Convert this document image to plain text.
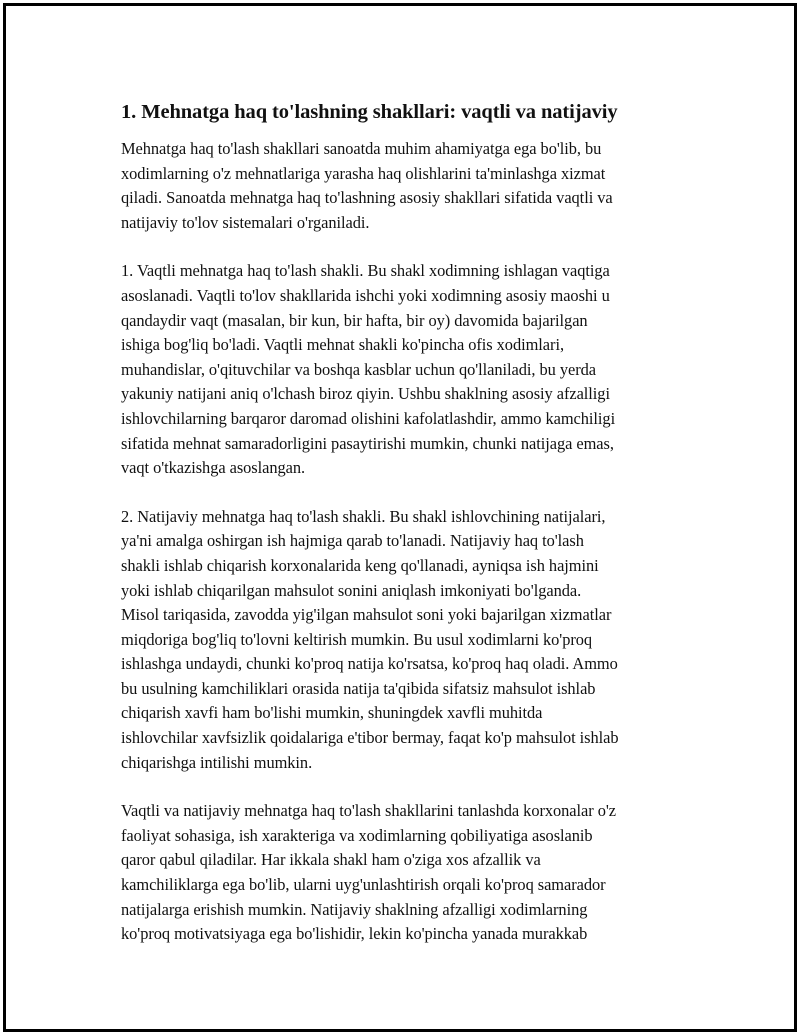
1. Mehnatga haq to'lashning shakllari: vaqtli va natijaviy

Mehnatga haq to'lash shakllari sanoatda muhim ahamiyatga ega bo'lib, bu
xodimlarning o'z mehnatlariga yarasha haq olishlarini ta'minlashga xizmat
qiladi. Sanoatda mehnatga haq to'lashning asosiy shakllari sifatida vaqtli va
natijaviy to'lov sistemalari o'rganiladi.

1. Vaqtli mehnatga haq to'lash shakli. Bu shakl xodimning ishlagan vaqtiga
asoslanadi. Vaqtli to'lov shakllarida ishchi yoki xodimning asosiy maoshi u
qandaydir vaqt (masalan, bir kun, bir hafta, bir oy) davomida bajarilgan
ishiga bog'liq bo'ladi. Vaqtli mehnat shakli ko'pincha ofis xodimlari,
muhandislar, o'qituvchilar va boshqa kasblar uchun qo'llaniladi, bu yerda
yakuniy natijani aniq o'lchash biroz qiyin. Ushbu shaklning asosiy afzalligi
ishlovchilarning barqaror daromad olishini kafolatlashdir, ammo kamchiligi
sifatida mehnat samaradorligini pasaytirishi mumkin, chunki natijaga emas,
vaqt o'tkazishga asoslangan.

2. Natijaviy mehnatga haq to'lash shakli. Bu shakl ishlovchining natijalari,
ya'ni amalga oshirgan ish hajmiga qarab to'lanadi. Natijaviy haq to'lash
shakli ishlab chiqarish korxonalarida keng qo'llanadi, ayniqsa ish hajmini
yoki ishlab chiqarilgan mahsulot sonini aniqlash imkoniyati bo'lganda.
Misol tariqasida, zavodda yig'ilgan mahsulot soni yoki bajarilgan xizmatlar
miqdoriga bog'liq to'lovni keltirish mumkin. Bu usul xodimlarni ko'proq
ishlashga undaydi, chunki ko'proq natija ko'rsatsa, ko'proq haq oladi. Ammo
bu usulning kamchiliklari orasida natija ta'qibida sifatsiz mahsulot ishlab
chiqarish xavfi ham bo'lishi mumkin, shuningdek xavfli muhitda
ishlovchilar xavfsizlik qoidalariga e'tibor bermay, faqat ko'p mahsulot ishlab
chiqarishga intilishi mumkin.

Vaqtli va natijaviy mehnatga haq to'lash shakllarini tanlashda korxonalar o'z
faoliyat sohasiga, ish xarakteriga va xodimlarning qobiliyatiga asoslanib
qaror qabul qiladilar. Har ikkala shakl ham o'ziga xos afzallik va
kamchiliklarga ega bo'lib, ularni uyg'unlashtirish orqali ko'proq samarador
natijalarga erishish mumkin. Natijaviy shaklning afzalligi xodimlarning
ko'proq motivatsiyaga ega bo'lishidir, lekin ko'pincha yanada murakkab
